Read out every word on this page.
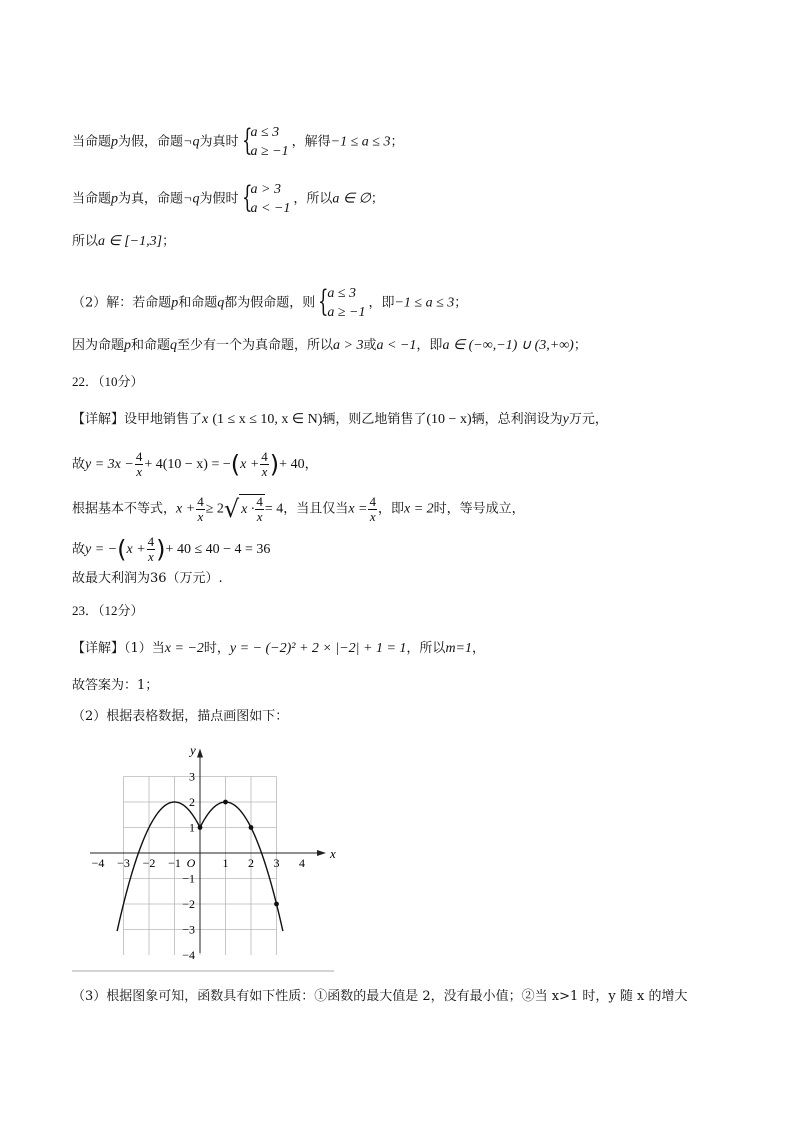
当命题p为假，命题¬q为真时 {
a ≤ 3
a ≥ −1
，解得−1 ≤ a ≤ 3；
当命题p为真，命题¬q为假时 {
a > 3
a < −1
，所以a ∈ ∅；
所以a ∈ [−1,3]；
（2）解：若命题p和命题q都为假命题，则 {
a ≤ 3
a ≥ −1
，即−1 ≤ a ≤ 3；
因为命题p和命题q至少有一个为真命题，所以a > 3或a < −1，即a ∈ (−∞,−1) ∪ (3,+∞)；
22．（10分）
【详解】设甲地销售了x (1 ≤ x ≤ 10, x ∈ N)辆，则乙地销售了(10 − x)辆，总利润设为y万元，
故$y = 3x - \frac{4}{x} + 4(10 - x) = -(x + \frac{4}{x}$ )+ 40，
根据基本不等式，$x + \frac{4}{x} \ge 2√$ $x \cdot \frac{4}{x} = 4$，当且仅当$x = \frac{4}{x}$ ，即x = 2时，等号成立，
故$y = -(x + \frac{4}{x}$ )+ 40 ≤ 40 − 4 = 36
故最大利润为36（万元）.
23．（12分）
【详解】（1）当x = −2时，y = − (−2)² + 2 × |−2| + 1 = 1，所以m=1，
故答案为：1；
（2）根据表格数据，描点画图如下：
−4 −3 −2 −1	1 2 3 4
3
2
1
−1
−2
−3
−4
O
x
y
（3）根据图象可知，函数具有如下性质：①函数的最大值是 2，没有最小值；②当 x>1 时，y 随 x 的增大
